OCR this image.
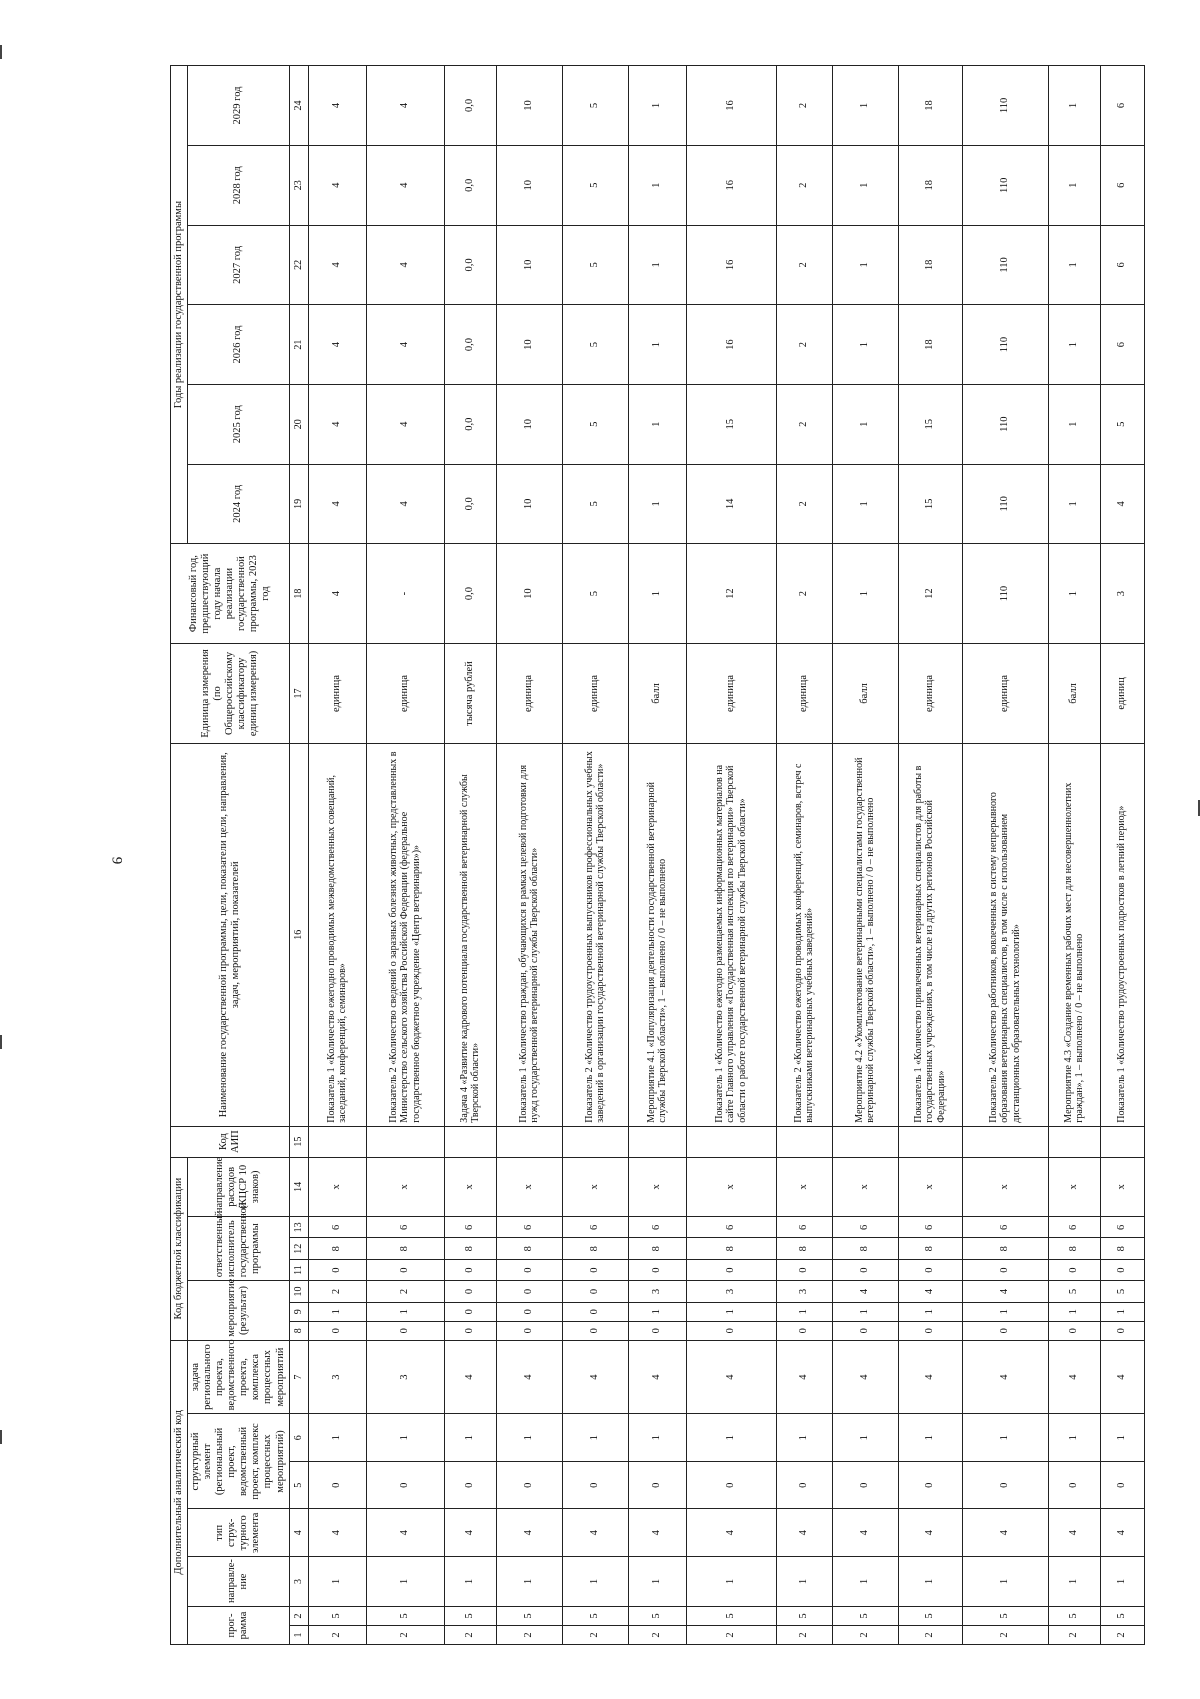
9
Дополнительный аналитический код							Код бюджетной классификации							Код АИП	Наименование государственной программы, цели, показатели цели, направления, задач, мероприятий, показателей	Единица измерения (по Общероссийскому классификатору единиц измерения)	Финансовый год, предшествующий году начала реализации государственной программы, 2023 год	Годы реализации государственной программы					
прог-рамма		направле-ние	тип струк-турного элемента	структурный элемент (региональный проект, ведомственный проект, комплекс процессных мероприятий)		задача регионального проекта, ведомственного проекта, комплекса процессных мероприятий	мероприятие (результат)			ответственный исполнитель государственной программы			направление расходов (КЦСР 10 знаков)					2024 год	2025 год	2026 год	2027 год	2028 год	2029 год
1	2	3	4	5	6	7	8	9	10	11	12	13	14	15	16	17	18	19	20	21	22	23	24
2	5	1	4	0	1	3	0	1	2	0	8	6	х		Показатель 1 «Количество ежегодно проводимых межведомственных совещаний, заседаний, конференций, семинаров»	единица	4	4	4	4	4	4	4
2	5	1	4	0	1	3	0	1	2	0	8	6	х		Показатель 2 «Количество сведений о заразных болезнях животных, представленных в Министерство сельского хозяйства Российской Федерации (федеральное государственное бюджетное учреждение «Центр ветеринарии»)»	единица	-	4	4	4	4	4	4
2	5	1	4	0	1	4	0	0	0	0	8	6	х		Задача 4 «Развитие кадрового потенциала государственной ветеринарной службы Тверской области»	тысяча рублей	0,0	0,0	0,0	0,0	0,0	0,0	0,0
2	5	1	4	0	1	4	0	0	0	0	8	6	х		Показатель 1 «Количество граждан, обучающихся в рамках целевой подготовки для нужд государственной ветеринарной службы Тверской области»	единица	10	10	10	10	10	10	10
2	5	1	4	0	1	4	0	0	0	0	8	6	х		Показатель 2 «Количество трудоустроенных выпускников профессиональных учебных заведений в организации государственной ветеринарной службы Тверской области»	единица	5	5	5	5	5	5	5
2	5	1	4	0	1	4	0	1	3	0	8	6	х		Мероприятие 4.1 «Популяризация деятельности государственной ветеринарной службы Тверской области», 1 – выполнено / 0 – не выполнено	балл	1	1	1	1	1	1	1
2	5	1	4	0	1	4	0	1	3	0	8	6	х		Показатель 1 «Количество ежегодно размещаемых информационных материалов на сайте Главного управления «Государственная инспекция по ветеринарии» Тверской области о работе государственной ветеринарной службы Тверской области»	единица	12	14	15	16	16	16	16
2	5	1	4	0	1	4	0	1	3	0	8	6	х		Показатель 2 «Количество ежегодно проводимых конференций, семинаров, встреч с выпускниками ветеринарных учебных заведений»	единица	2	2	2	2	2	2	2
2	5	1	4	0	1	4	0	1	4	0	8	6	х		Мероприятие 4.2 «Укомплектование ветеринарными специалистами государственной ветеринарной службы Тверской области», 1 – выполнено / 0 – не выполнено	балл	1	1	1	1	1	1	1
2	5	1	4	0	1	4	0	1	4	0	8	6	х		Показатель 1 «Количество привлеченных ветеринарных специалистов для работы в государственных учреждениях, в том числе из других регионов Российской Федерации»	единица	12	15	15	18	18	18	18
2	5	1	4	0	1	4	0	1	4	0	8	6	х		Показатель 2 «Количество работников, вовлеченных в систему непрерывного образования ветеринарных специалистов, в том числе с использованием дистанционных образовательных технологий»	единица	110	110	110	110	110	110	110
2	5	1	4	0	1	4	0	1	5	0	8	6	х		Мероприятие 4.3 «Создание временных рабочих мест для несовершеннолетних граждан», 1 – выполнено / 0 – не выполнено	балл	1	1	1	1	1	1	1
2	5	1	4	0	1	4	0	1	5	0	8	6	х		Показатель 1 «Количество трудоустроенных подростков в летний период»	единиц	3	4	5	6	6	6	6
